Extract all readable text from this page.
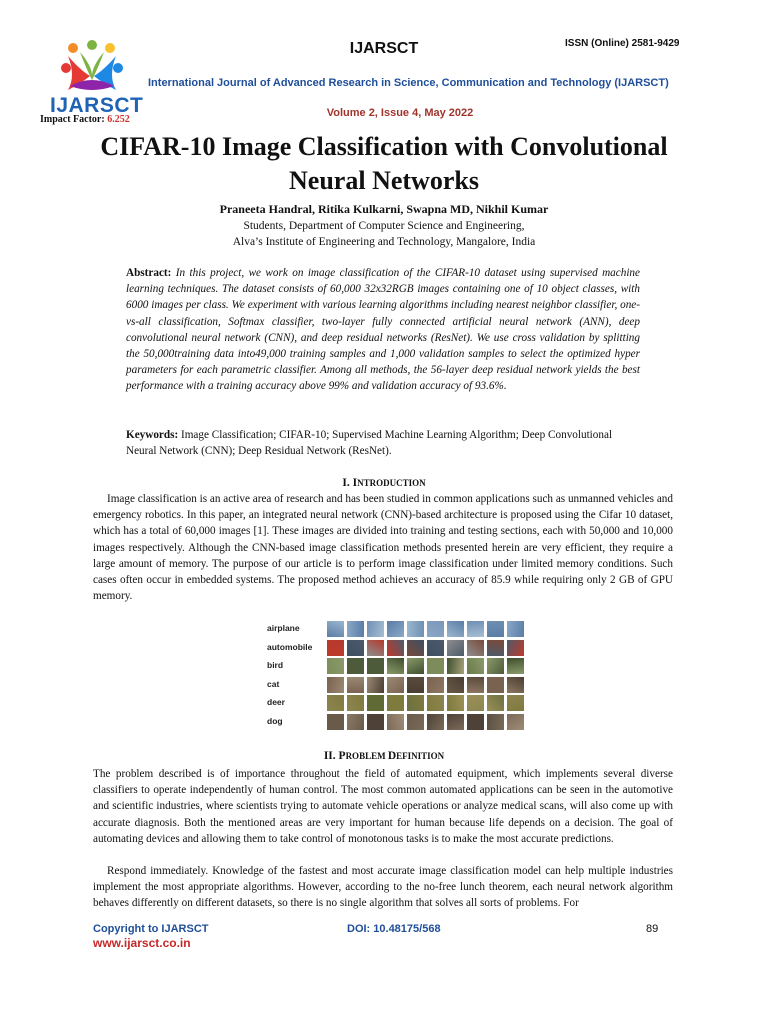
IJARSCT
Impact Factor: 6.252
IJARSCT	ISSN (Online) 2581-9429
International Journal of Advanced Research in Science, Communication and Technology (IJARSCT)
Volume 2, Issue 4, May 2022
CIFAR-10 Image Classification with Convolutional
Neural Networks
Praneeta Handral, Ritika Kulkarni, Swapna MD, Nikhil Kumar
Students, Department of Computer Science and Engineering,
Alva’s Institute of Engineering and Technology, Mangalore, India
Abstract: In this project, we work on image classification of the CIFAR-10 dataset using supervised machine learning techniques. The dataset consists of 60,000 32x32RGB images containing one of 10 object classes, with 6000 images per class. We experiment with various learning algorithms including nearest neighbor classifier, one-vs-all classification, Softmax classifier, two-layer fully connected artificial neural network (ANN), deep convolutional neural network (CNN), and deep residual networks (ResNet). We use cross validation by splitting the 50,000training data into49,000 training samples and 1,000 validation samples to select the optimized hyper parameters for each parametric classifier. Among all methods, the 56-layer deep residual network yields the best performance with a training accuracy above 99% and validation accuracy of 93.6%.
Keywords: Image Classification; CIFAR-10; Supervised Machine Learning Algorithm; Deep Convolutional Neural Network (CNN); Deep Residual Network (ResNet).
I. INTRODUCTION
Image classification is an active area of research and has been studied in common applications such as unmanned vehicles and emergency robotics. In this paper, an integrated neural network (CNN)-based architecture is proposed using the Cifar 10 dataset, which has a total of 60,000 images [1]. These images are divided into training and testing sections, each with 50,000 and 10,000 images respectively. Although the CNN-based image classification methods presented herein are very efficient, they require a large amount of memory. The purpose of our article is to perform image classification under limited memory conditions. Such cases often occur in embedded systems. The proposed method achieves an accuracy of 85.9 while requiring only 2 GB of GPU memory.
airplane
automobile
bird
cat
deer
dog
II. PROBLEM DEFINITION
The problem described is of importance throughout the field of automated equipment, which implements several diverse classifiers to operate independently of human control. The most common automated applications can be seen in the automotive and scientific industries, where scientists trying to automate vehicle operations or analyze medical scans, will also come up with accurate diagnosis. Both the mentioned areas are very important for human because life depends on a decision. The goal of automating devices and allowing them to take control of monotonous tasks is to make the most accurate predictions.
Respond immediately. Knowledge of the fastest and most accurate image classification model can help multiple industries implement the most appropriate algorithms. However, according to the no-free lunch theorem, each neural network algorithm behaves differently on different datasets, so there is no single algorithm that solves all sorts of problems. For
Copyright to IJARSCT
www.ijarsct.co.in
DOI: 10.48175/568	89
